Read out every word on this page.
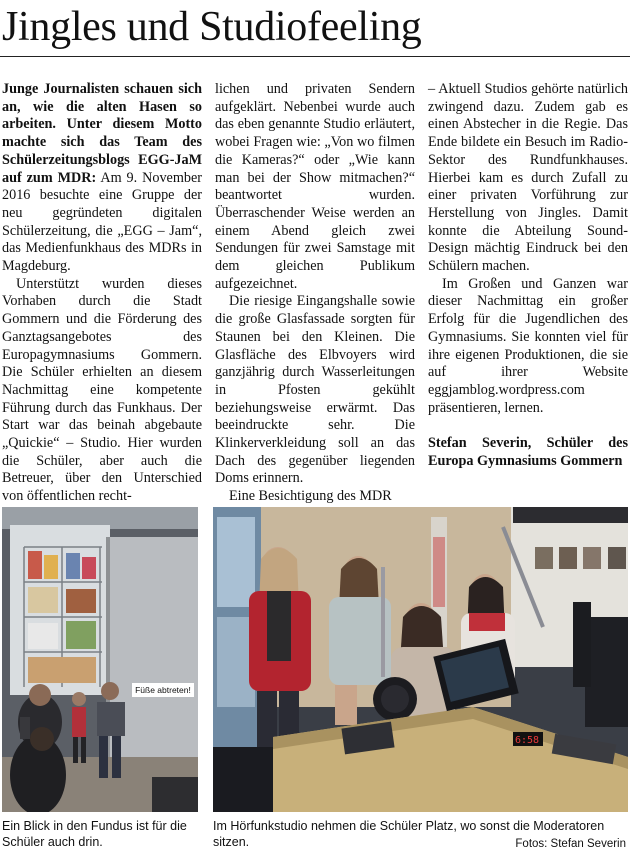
Jingles und Studiofeeling

Junge Journalisten schauen sich an, wie die alten Hasen so arbeiten. Unter diesem Motto machte sich das Team des Schülerzeitungsblogs EGG-JaM auf zum MDR: Am 9. November 2016 besuchte eine Gruppe der neu gegründeten digitalen Schülerzeitung, die „EGG – Jam“, das Medienfunkhaus des MDRs in Magdeburg.

Unterstützt wurden dieses Vorhaben durch die Stadt Gommern und die Förderung des Ganztagsangebotes des Europagymnasiums Gommern. Die Schüler erhielten an diesem Nachmittag eine kompetente Führung durch das Funkhaus. Der Start war das beinah abgebaute „Quickie“ – Studio. Hier wurden die Schüler, aber auch die Betreuer, über den Unterschied von öffentlichen recht-

lichen und privaten Sendern aufgeklärt. Nebenbei wurde auch das eben genannte Studio erläutert, wobei Fragen wie: „Von wo filmen die Kameras?“ oder „Wie kann man bei der Show mitmachen?“ beantwortet wurden. Überraschender Weise werden an einem Abend gleich zwei Sendungen für zwei Samstage mit dem gleichen Publikum aufgezeichnet.

Die riesige Eingangshalle sowie die große Glasfassade sorgten für Staunen bei den Kleinen. Die Glasfläche des Elbvoyers wird ganzjährig durch Wasserleitungen in Pfosten gekühlt beziehungsweise erwärmt. Das beeindruckte sehr. Die Klinkerverkleidung soll an das Dach des gegenüber liegenden Doms erinnern.

Eine Besichtigung des MDR

– Aktuell Studios gehörte natürlich zwingend dazu. Zudem gab es einen Abstecher in die Regie. Das Ende bildete ein Besuch im Radio-Sektor des Rundfunkhauses. Hierbei kam es durch Zufall zu einer privaten Vorführung zur Herstellung von Jingles. Damit konnte die Abteilung Sound-Design mächtig Eindruck bei den Schülern machen.

Im Großen und Ganzen war dieser Nachmittag ein großer Erfolg für die Jugendlichen des Gymnasiums. Sie konnten viel für ihre eigenen Produktionen, die sie auf ihrer Website eggjamblog.wordpress.com präsentieren, lernen.

Stefan Severin, Schüler des Europa Gymnasiums Gommern

Füße abtreten!
6:58
Ein Blick in den Fundus ist für die Schüler auch drin.
Im Hörfunkstudio nehmen die Schüler Platz, wo sonst die Moderatoren sitzen.	Fotos: Stefan Severin
